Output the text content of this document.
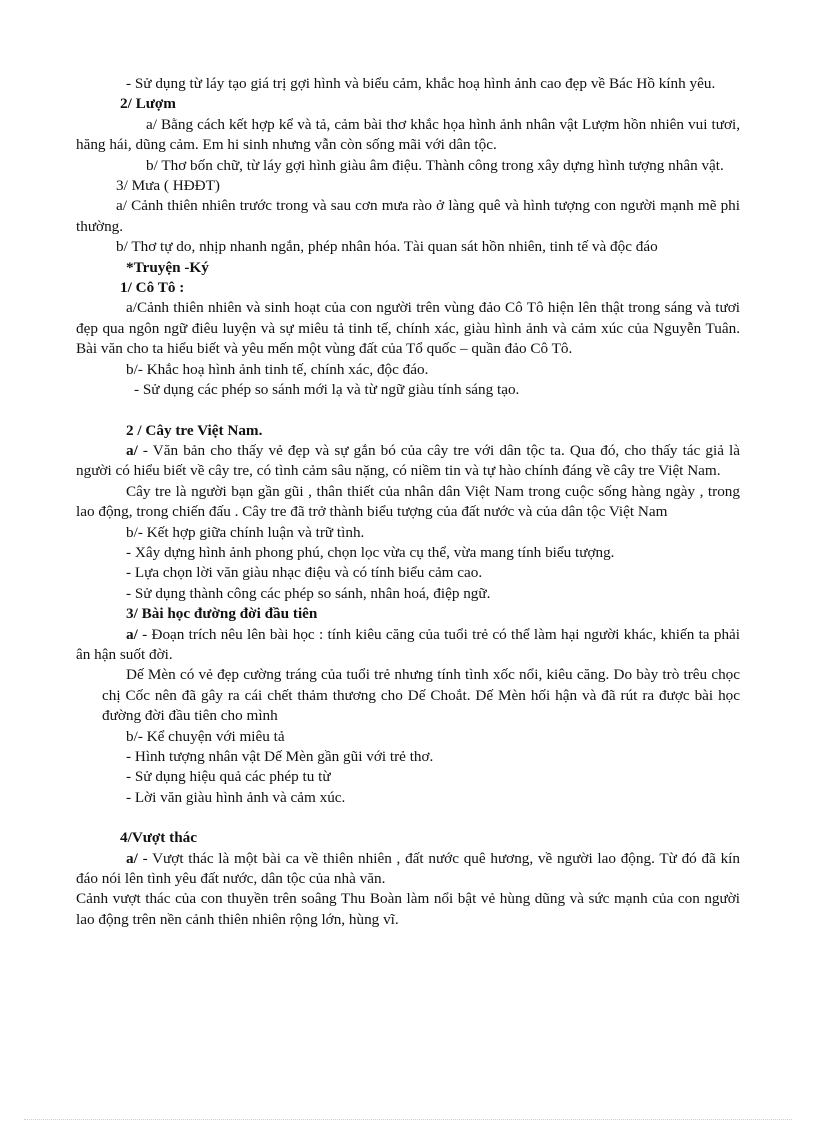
- Sử dụng từ láy tạo giá trị gợi hình và biểu cảm, khắc hoạ hình ảnh cao đẹp về Bác Hồ kính yêu.

2/ Lượm

a/ Bằng cách kết hợp kể và tả, cảm bài thơ khắc họa hình ảnh nhân vật Lượm hồn nhiên vui tươi, hăng hái, dũng cảm. Em hi sinh nhưng vẫn còn sống mãi với dân tộc.

b/ Thơ bốn chữ, từ láy gợi hình giàu âm điệu. Thành công trong xây dựng hình tượng nhân vật.

3/ Mưa ( HĐĐT)

a/ Cảnh thiên nhiên trước trong và sau cơn mưa rào ở làng quê và hình tượng con người mạnh mẽ phi thường.

b/ Thơ tự do, nhịp nhanh ngắn, phép nhân hóa. Tài quan sát hồn nhiên, tinh tế và độc đáo

*Truyện -Ký

1/ Cô Tô :

a/Cảnh thiên nhiên và sinh hoạt của con người trên vùng đảo Cô Tô hiện lên thật trong sáng và tươi đẹp qua ngôn ngữ điêu luyện và sự miêu tả tinh tế, chính xác, giàu hình ảnh và cảm xúc của Nguyễn Tuân. Bài văn cho ta hiểu biết và yêu mến một vùng đất của Tổ quốc – quần đảo Cô Tô.

b/- Khắc hoạ hình ảnh tinh tế, chính xác, độc đáo.

- Sử dụng các phép so sánh mới lạ và từ ngữ giàu tính sáng tạo.

2 / Cây tre Việt Nam.

a/ - Văn bản cho thấy vẻ đẹp và sự gắn bó của cây tre với dân tộc ta. Qua đó, cho thấy tác giả là người có hiểu biết về cây tre, có tình cảm sâu nặng, có niềm tin và tự hào chính đáng về cây tre Việt Nam.

Cây tre là người bạn gần gũi , thân thiết của nhân dân Việt Nam trong cuộc sống hàng ngày , trong lao động, trong chiến đấu . Cây tre đã trở thành biểu tượng của đất nước và của dân tộc Việt Nam

b/- Kết hợp giữa chính luận và trữ tình.

- Xây dựng hình ảnh phong phú, chọn lọc vừa cụ thể, vừa mang tính biểu tượng.

- Lựa chọn lời văn giàu nhạc điệu và có tính biểu cảm cao.

- Sử dụng thành công các phép so sánh, nhân hoá, điệp ngữ.

3/ Bài học đường đời đầu tiên

a/ - Đoạn trích nêu lên bài học : tính kiêu căng của tuổi trẻ có thể làm hại người khác, khiến ta phải ân hận suốt đời.

Dế Mèn có vẻ đẹp cường tráng của tuổi trẻ nhưng tính tình xốc nổi, kiêu căng. Do bày trò trêu chọc chị Cốc nên đã gây ra cái chết thảm thương cho Dế Choắt. Dế Mèn hối hận và đã rút ra được bài học đường đời đầu tiên cho mình

b/- Kể chuyện với miêu tả

- Hình tượng nhân vật Dế Mèn gần gũi với trẻ thơ.

- Sử dụng hiệu quả các phép tu từ

- Lời văn giàu hình ảnh và cảm xúc.

4/Vượt thác

a/ - Vượt thác là một bài ca về thiên nhiên , đất nước quê hương, về người lao động. Từ đó đã kín đáo nói lên tình yêu đất nước, dân tộc của nhà văn.

Cảnh vượt thác của con thuyền trên soâng Thu Boàn làm nổi bật vẻ hùng dũng và sức mạnh của con người lao động trên nền cảnh thiên nhiên rộng lớn, hùng vĩ.
